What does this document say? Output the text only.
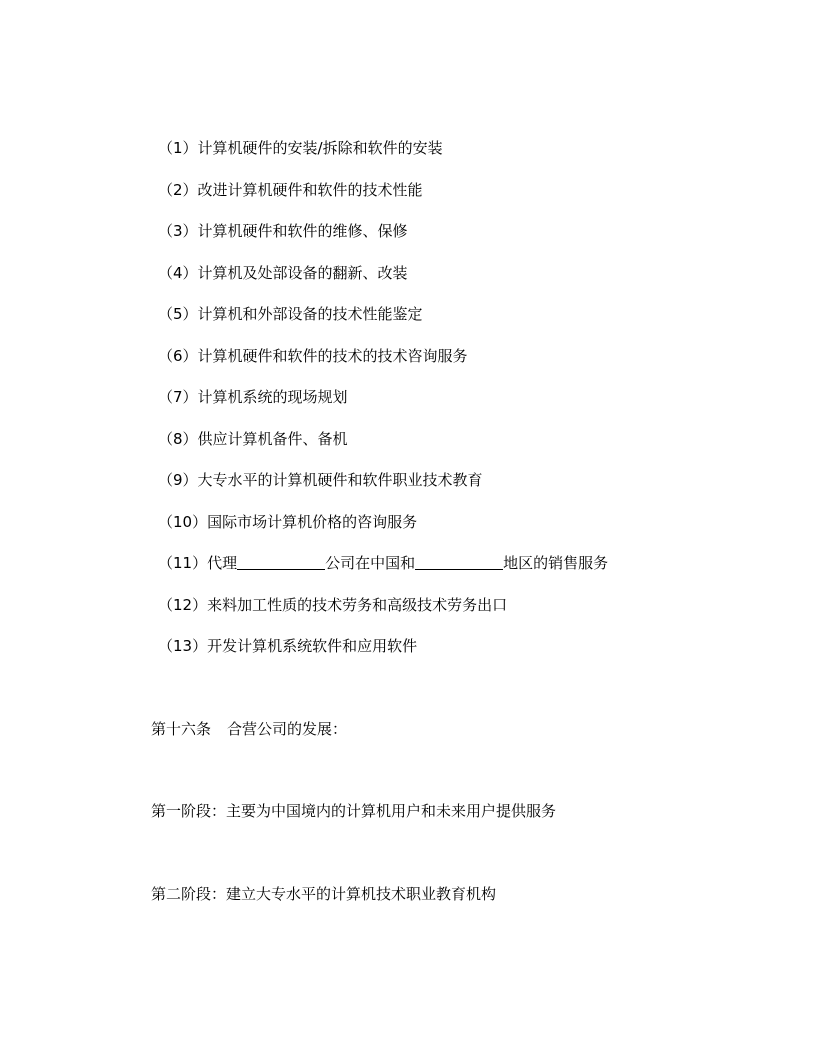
（1）计算机硬件的安装/拆除和软件的安装
（2）改进计算机硬件和软件的技术性能
（3）计算机硬件和软件的维修、保修
（4）计算机及处部设备的翻新、改装
（5）计算机和外部设备的技术性能鉴定
（6）计算机硬件和软件的技术的技术咨询服务
（7）计算机系统的现场规划
（8）供应计算机备件、备机
（9）大专水平的计算机硬件和软件职业技术教育
（10）国际市场计算机价格的咨询服务
（11）代理	公司在中国和	地区的销售服务
（12）来料加工性质的技术劳务和高级技术劳务出口
（13）开发计算机系统软件和应用软件
第十六条 合营公司的发展：
第一阶段：主要为中国境内的计算机用户和未来用户提供服务
第二阶段：建立大专水平的计算机技术职业教育机构
